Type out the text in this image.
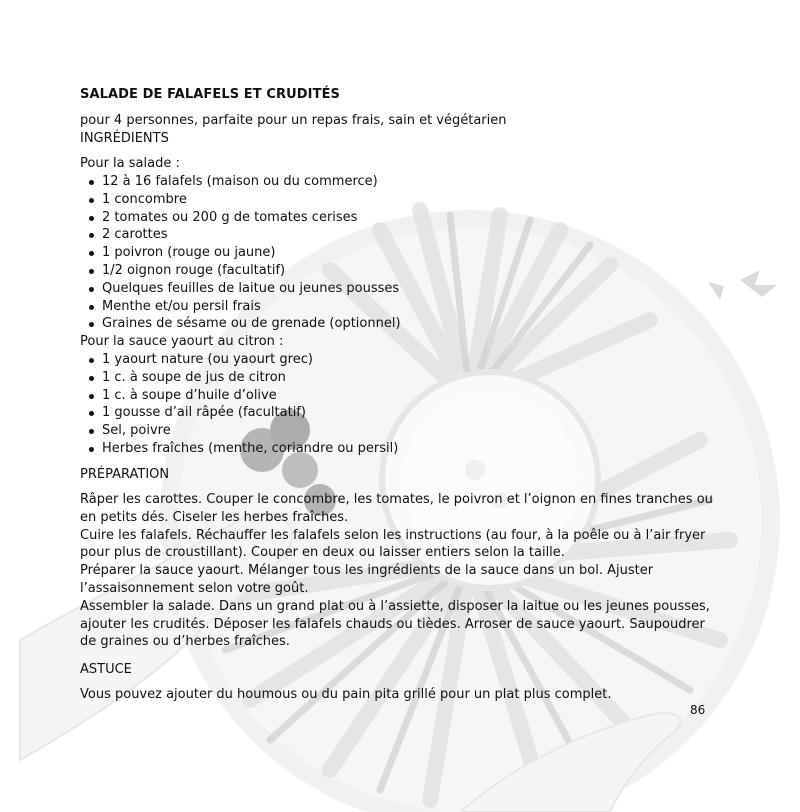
SALADE DE FALAFELS ET CRUDITÉS
pour 4 personnes, parfaite pour un repas frais, sain et végétarien
INGRÉDIENTS
Pour la salade :
12 à 16 falafels (maison ou du commerce)
1 concombre
2 tomates ou 200 g de tomates cerises
2 carottes
1 poivron (rouge ou jaune)
1/2 oignon rouge (facultatif)
Quelques feuilles de laitue ou jeunes pousses
Menthe et/ou persil frais
Graines de sésame ou de grenade (optionnel)
Pour la sauce yaourt au citron :
1 yaourt nature (ou yaourt grec)
1 c. à soupe de jus de citron
1 c. à soupe d’huile d’olive
1 gousse d’ail râpée (facultatif)
Sel, poivre
Herbes fraîches (menthe, coriandre ou persil)
PRÉPARATION

Râper les carottes. Couper le concombre, les tomates, le poivron et l’oignon en fines tranches ou en petits dés. Ciseler les herbes fraîches.

Cuire les falafels. Réchauffer les falafels selon les instructions (au four, à la poêle ou à l’air fryer pour plus de croustillant). Couper en deux ou laisser entiers selon la taille.

Préparer la sauce yaourt. Mélanger tous les ingrédients de la sauce dans un bol. Ajuster l’assaisonnement selon votre goût.

Assembler la salade. Dans un grand plat ou à l’assiette, disposer la laitue ou les jeunes pousses, ajouter les crudités. Déposer les falafels chauds ou tièdes. Arroser de sauce yaourt. Saupoudrer de graines ou d’herbes fraîches.

ASTUCE
Vous pouvez ajouter du houmous ou du pain pita grillé pour un plat plus complet.
86
